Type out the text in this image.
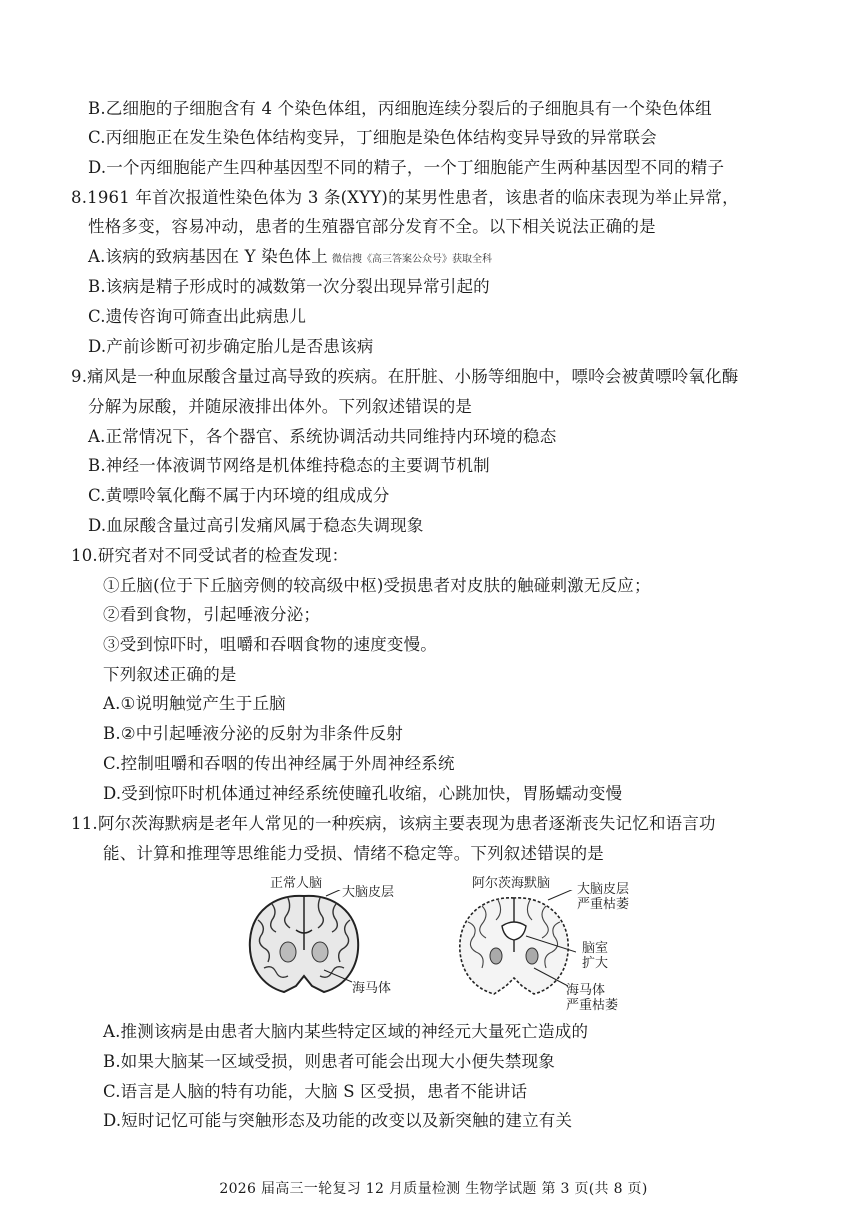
B.乙细胞的子细胞含有 4 个染色体组，丙细胞连续分裂后的子细胞具有一个染色体组
C.丙细胞正在发生染色体结构变异，丁细胞是染色体结构变异导致的异常联会
D.一个丙细胞能产生四种基因型不同的精子，一个丁细胞能产生两种基因型不同的精子
8.1961 年首次报道性染色体为 3 条(XYY)的某男性患者，该患者的临床表现为举止异常，
性格多变，容易冲动，患者的生殖器官部分发育不全。以下相关说法正确的是
A.该病的致病基因在 Y 染色体上 微信搜《高三答案公众号》获取全科
B.该病是精子形成时的减数第一次分裂出现异常引起的
C.遗传咨询可筛查出此病患儿
D.产前诊断可初步确定胎儿是否患该病
9.痛风是一种血尿酸含量过高导致的疾病。在肝脏、小肠等细胞中，嘌呤会被黄嘌呤氧化酶
分解为尿酸，并随尿液排出体外。下列叙述错误的是
A.正常情况下，各个器官、系统协调活动共同维持内环境的稳态
B.神经一体液调节网络是机体维持稳态的主要调节机制
C.黄嘌呤氧化酶不属于内环境的组成成分
D.血尿酸含量过高引发痛风属于稳态失调现象
10.研究者对不同受试者的检查发现：
①丘脑(位于下丘脑旁侧的较高级中枢)受损患者对皮肤的触碰刺激无反应；
②看到食物，引起唾液分泌；
③受到惊吓时，咀嚼和吞咽食物的速度变慢。
下列叙述正确的是
A.①说明触觉产生于丘脑
B.②中引起唾液分泌的反射为非条件反射
C.控制咀嚼和吞咽的传出神经属于外周神经系统
D.受到惊吓时机体通过神经系统使瞳孔收缩，心跳加快，胃肠蠕动变慢
11.阿尔茨海默病是老年人常见的一种疾病，该病主要表现为患者逐渐丧失记忆和语言功
能、计算和推理等思维能力受损、情绪不稳定等。下列叙述错误的是
正常人脑
大脑皮层
海马体
阿尔茨海默脑 大脑皮层
严重枯萎
脑室
扩大
海马体
严重枯萎
A.推测该病是由患者大脑内某些特定区域的神经元大量死亡造成的
B.如果大脑某一区域受损，则患者可能会出现大小便失禁现象
C.语言是人脑的特有功能，大脑 S 区受损，患者不能讲话
D.短时记忆可能与突触形态及功能的改变以及新突触的建立有关
2026 届高三一轮复习 12 月质量检测 生物学试题 第 3 页(共 8 页)
